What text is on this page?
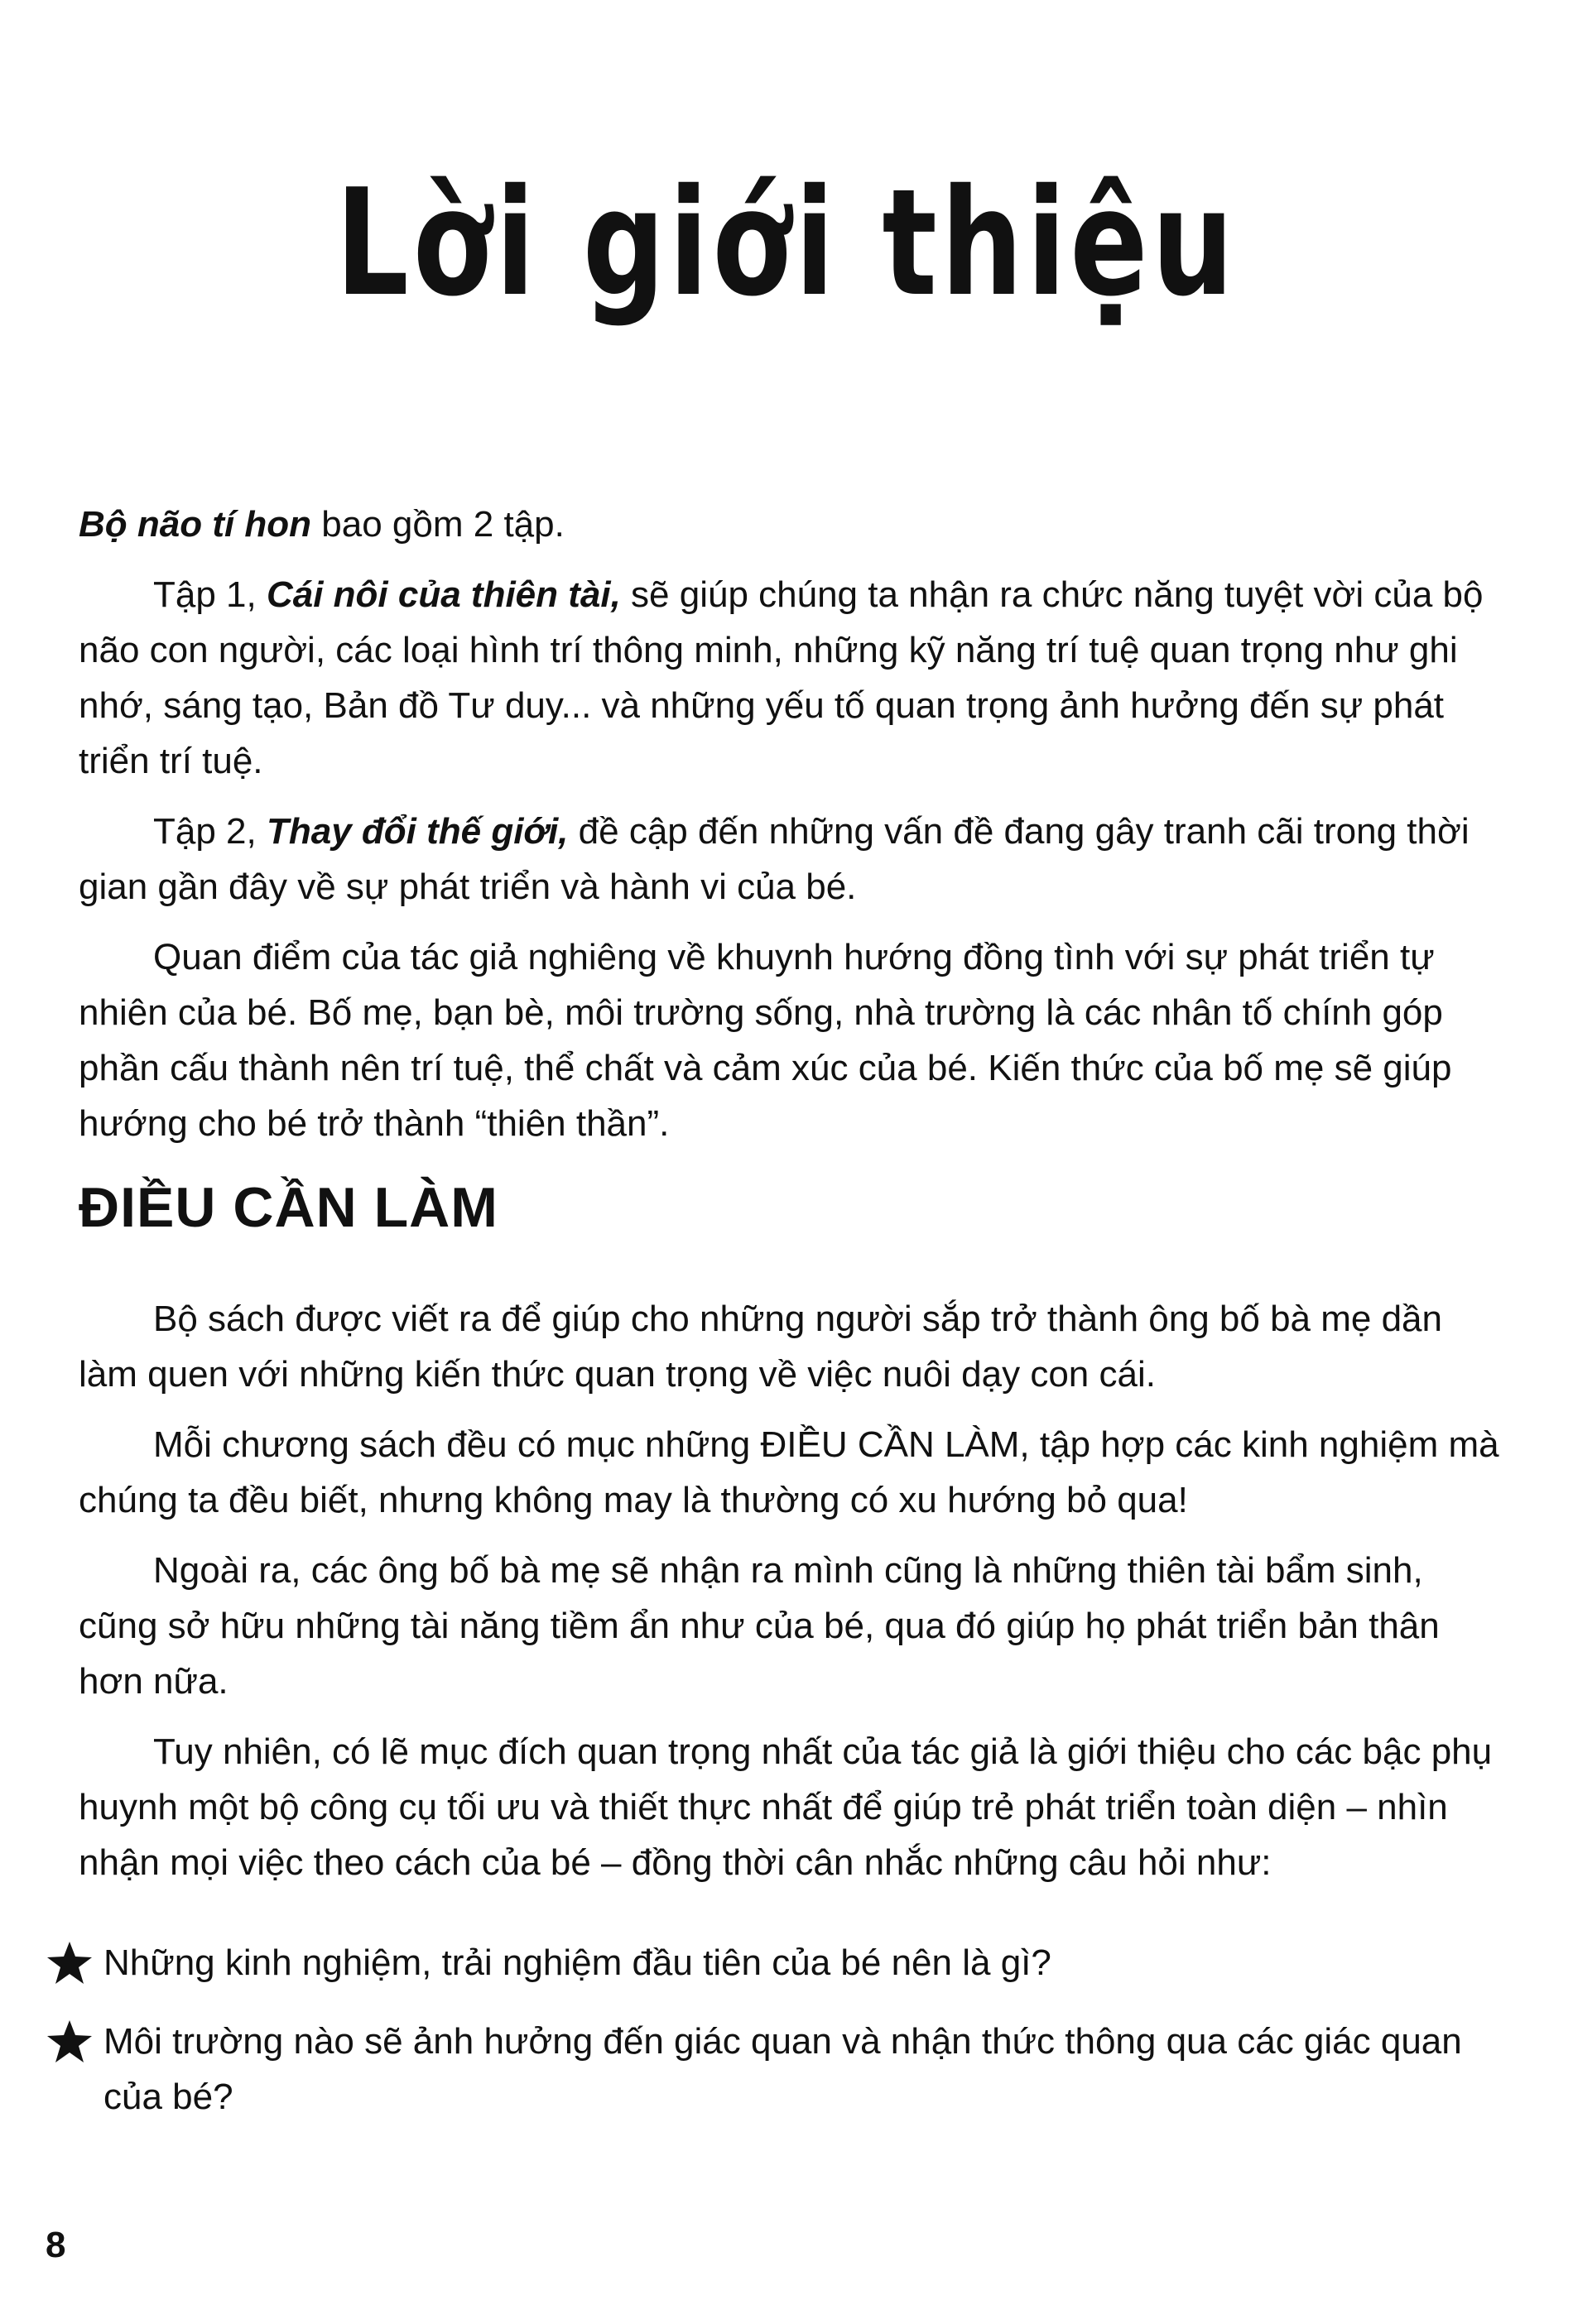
Lời giới thiệu

Bộ não tí hon bao gồm 2 tập.

Tập 1, Cái nôi của thiên tài, sẽ giúp chúng ta nhận ra chức năng tuyệt vời của bộ não con người, các loại hình trí thông minh, những kỹ năng trí tuệ quan trọng như ghi nhớ, sáng tạo, Bản đồ Tư duy... và những yếu tố quan trọng ảnh hưởng đến sự phát triển trí tuệ.

Tập 2, Thay đổi thế giới, đề cập đến những vấn đề đang gây tranh cãi trong thời gian gần đây về sự phát triển và hành vi của bé.

Quan điểm của tác giả nghiêng về khuynh hướng đồng tình với sự phát triển tự nhiên của bé. Bố mẹ, bạn bè, môi trường sống, nhà trường là các nhân tố chính góp phần cấu thành nên trí tuệ, thể chất và cảm xúc của bé. Kiến thức của bố mẹ sẽ giúp hướng cho bé trở thành “thiên thần”.

ĐIỀU CẦN LÀM

Bộ sách được viết ra để giúp cho những người sắp trở thành ông bố bà mẹ dần làm quen với những kiến thức quan trọng về việc nuôi dạy con cái.

Mỗi chương sách đều có mục những ĐIỀU CẦN LÀM, tập hợp các kinh nghiệm mà chúng ta đều biết, nhưng không may là thường có xu hướng bỏ qua!

Ngoài ra, các ông bố bà mẹ sẽ nhận ra mình cũng là những thiên tài bẩm sinh, cũng sở hữu những tài năng tiềm ẩn như của bé, qua đó giúp họ phát triển bản thân hơn nữa.

Tuy nhiên, có lẽ mục đích quan trọng nhất của tác giả là giới thiệu cho các bậc phụ huynh một bộ công cụ tối ưu và thiết thực nhất để giúp trẻ phát triển toàn diện – nhìn nhận mọi việc theo cách của bé – đồng thời cân nhắc những câu hỏi như:

Những kinh nghiệm, trải nghiệm đầu tiên của bé nên là gì?
Môi trường nào sẽ ảnh hưởng đến giác quan và nhận thức thông qua các giác quan của bé?
8
